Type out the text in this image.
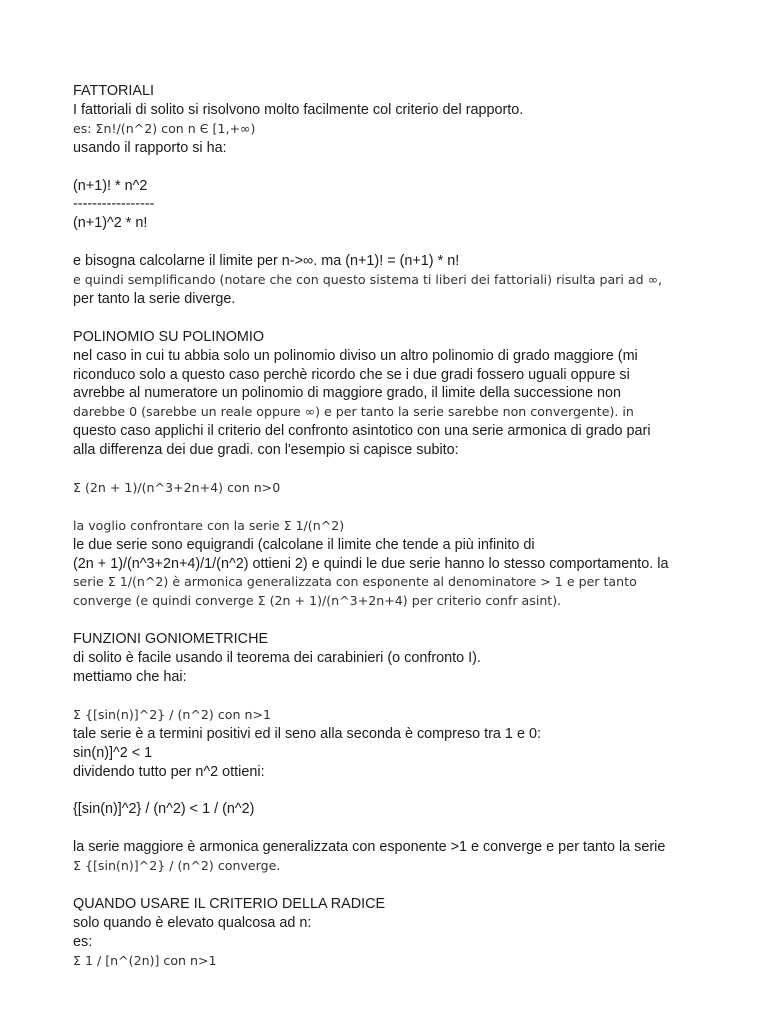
FATTORIALI
I fattoriali di solito si risolvono molto facilmente col criterio del rapporto.
es: Σn!/(n^2) con n Є [1,+∞)
usando il rapporto si ha:
(n+1)! * n^2
-----------------
(n+1)^2 * n!
e bisogna calcolarne il limite per n->∞. ma (n+1)! = (n+1) * n!
e quindi semplificando (notare che con questo sistema ti liberi dei fattoriali) risulta pari ad ∞,
per tanto la serie diverge.
POLINOMIO SU POLINOMIO
nel caso in cui tu abbia solo un polinomio diviso un altro polinomio di grado maggiore (mi
riconduco solo a questo caso perchè ricordo che se i due gradi fossero uguali oppure si
avrebbe al numeratore un polinomio di maggiore grado, il limite della successione non
darebbe 0 (sarebbe un reale oppure ∞) e per tanto la serie sarebbe non convergente). in
questo caso applichi il criterio del confronto asintotico con una serie armonica di grado pari
alla differenza dei due gradi. con l'esempio si capisce subito:
Σ (2n + 1)/(n^3+2n+4) con n>0
la voglio confrontare con la serie Σ 1/(n^2)
le due serie sono equigrandi (calcolane il limite che tende a più infinito di
(2n + 1)/(n^3+2n+4)/1/(n^2) ottieni 2) e quindi le due serie hanno lo stesso comportamento. la
serie Σ 1/(n^2) è armonica generalizzata con esponente al denominatore > 1 e per tanto
converge (e quindi converge Σ (2n + 1)/(n^3+2n+4) per criterio confr asint).
FUNZIONI GONIOMETRICHE
di solito è facile usando il teorema dei carabinieri (o confronto I).
mettiamo che hai:
Σ {[sin(n)]^2} / (n^2) con n>1
tale serie è a termini positivi ed il seno alla seconda è compreso tra 1 e 0:
sin(n)]^2 < 1
dividendo tutto per n^2 ottieni:
{[sin(n)]^2} / (n^2) < 1 / (n^2)
la serie maggiore è armonica generalizzata con esponente >1 e converge e per tanto la serie
Σ {[sin(n)]^2} / (n^2) converge.
QUANDO USARE IL CRITERIO DELLA RADICE
solo quando è elevato qualcosa ad n:
es:
Σ 1 / [n^(2n)] con n>1
